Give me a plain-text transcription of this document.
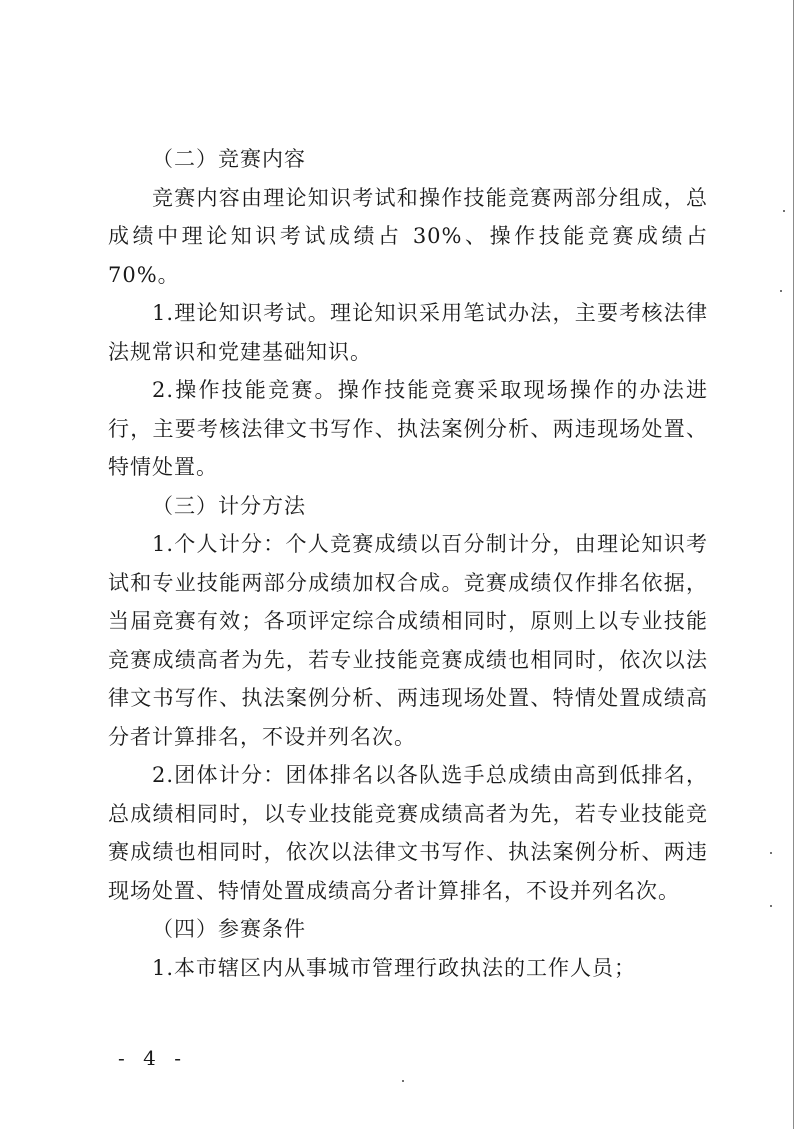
（二）竞赛内容

竞赛内容由理论知识考试和操作技能竞赛两部分组成，总成绩中理论知识考试成绩占 30%、操作技能竞赛成绩占 70%。

1.理论知识考试。理论知识采用笔试办法，主要考核法律法规常识和党建基础知识。

2.操作技能竞赛。操作技能竞赛采取现场操作的办法进行，主要考核法律文书写作、执法案例分析、两违现场处置、特情处置。

（三）计分方法

1.个人计分：个人竞赛成绩以百分制计分，由理论知识考试和专业技能两部分成绩加权合成。竞赛成绩仅作排名依据，当届竞赛有效；各项评定综合成绩相同时，原则上以专业技能竞赛成绩高者为先，若专业技能竞赛成绩也相同时，依次以法律文书写作、执法案例分析、两违现场处置、特情处置成绩高分者计算排名，不设并列名次。

2.团体计分：团体排名以各队选手总成绩由高到低排名，总成绩相同时，以专业技能竞赛成绩高者为先，若专业技能竞赛成绩也相同时，依次以法律文书写作、执法案例分析、两违现场处置、特情处置成绩高分者计算排名，不设并列名次。

（四）参赛条件

1.本市辖区内从事城市管理行政执法的工作人员；

- 4 -
